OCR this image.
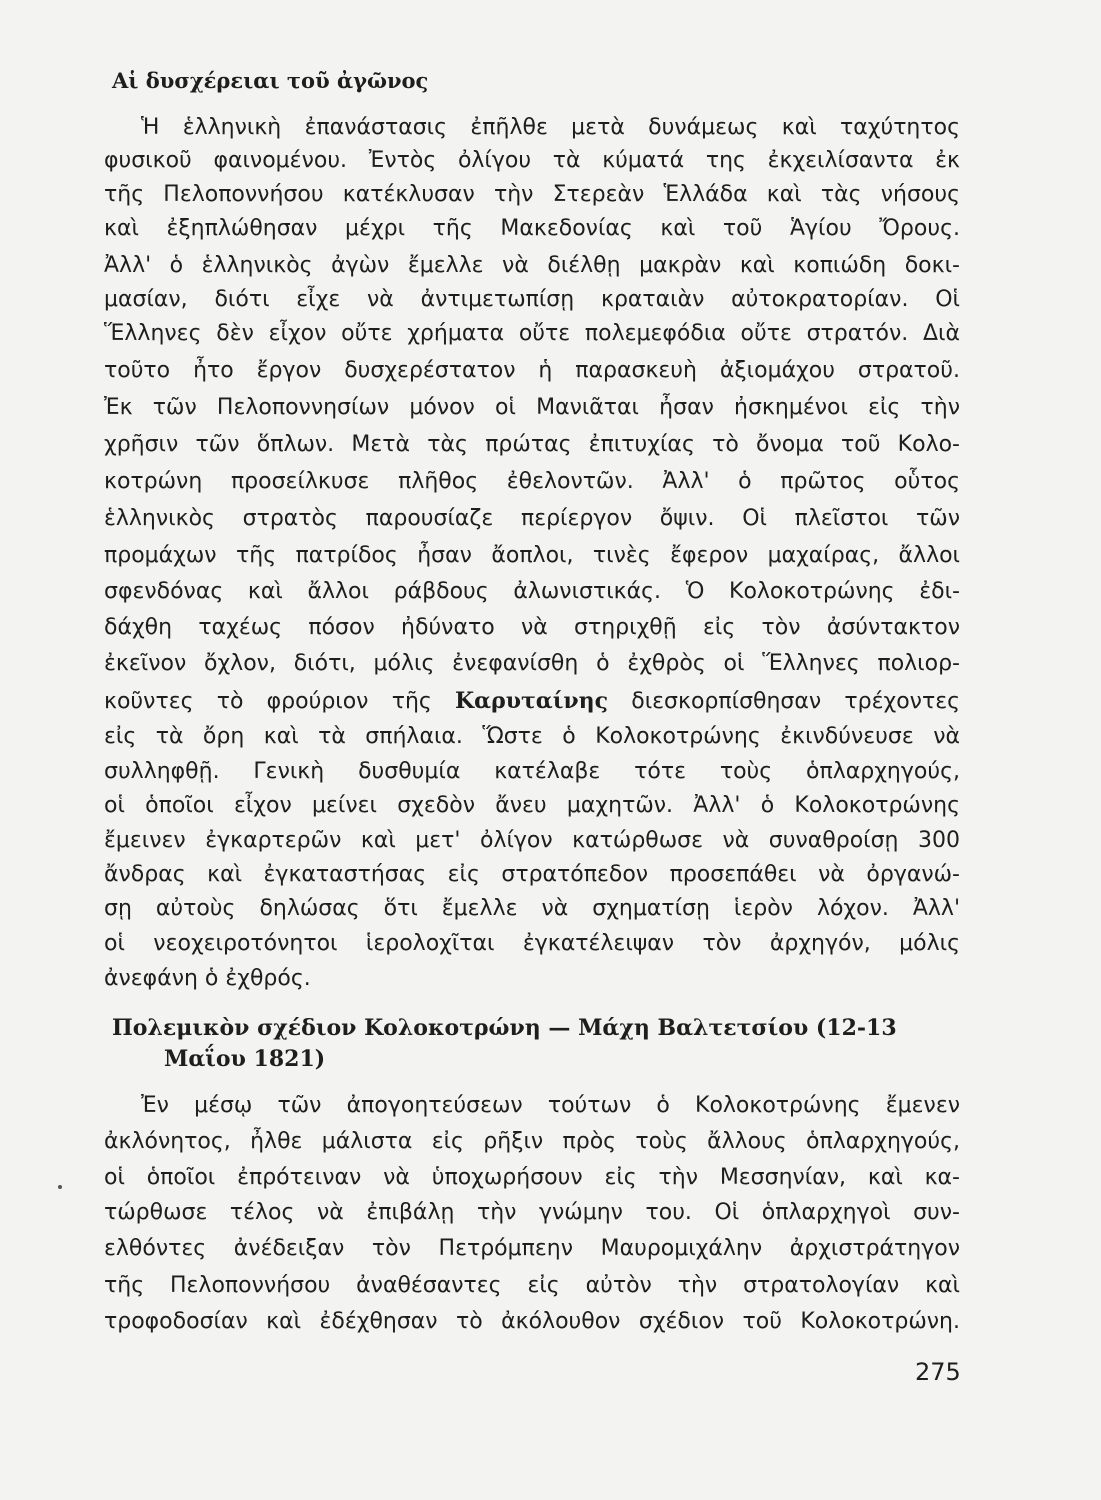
Αἱ δυσχέρειαι τοῦ ἀγῶνος

Ἡ ἑλληνικὴ ἐπανάστασις ἐπῆλθε μετὰ δυνάμεως καὶ ταχύτητος

φυσικοῦ φαινομένου. Ἐντὸς ὀλίγου τὰ κύματά της ἐκχειλίσαντα ἐκ

τῆς Πελοποννήσου κατέκλυσαν τὴν Στερεὰν Ἑλλάδα καὶ τὰς νήσους

καὶ ἐξηπλώθησαν μέχρι τῆς Μακεδονίας καὶ τοῦ Ἁγίου Ὄρους.

Ἀλλ' ὁ ἑλληνικὸς ἀγὼν ἔμελλε νὰ διέλθῃ μακρὰν καὶ κοπιώδη δοκι-

μασίαν, διότι εἶχε νὰ ἀντιμετωπίσῃ κραταιὰν αὐτοκρατορίαν. Οἱ

Ἕλληνες δὲν εἶχον οὔτε χρήματα οὔτε πολεμεφόδια οὔτε στρατόν. Διὰ

τοῦτο ἦτο ἔργον δυσχερέστατον ἡ παρασκευὴ ἀξιομάχου στρατοῦ.

Ἐκ τῶν Πελοποννησίων μόνον οἱ Μανιᾶται ἦσαν ἠσκημένοι εἰς τὴν

χρῆσιν τῶν ὅπλων. Μετὰ τὰς πρώτας ἐπιτυχίας τὸ ὄνομα τοῦ Κολο-

κοτρώνη προσείλκυσε πλῆθος ἐθελοντῶν. Ἀλλ' ὁ πρῶτος οὗτος

ἑλληνικὸς στρατὸς παρουσίαζε περίεργον ὄψιν. Οἱ πλεῖστοι τῶν

προμάχων τῆς πατρίδος ἦσαν ἄοπλοι, τινὲς ἔφερον μαχαίρας, ἄλλοι

σφενδόνας καὶ ἄλλοι ράβδους ἀλωνιστικάς. Ὁ Κολοκοτρώνης ἐδι-

δάχθη ταχέως πόσον ἠδύνατο νὰ στηριχθῇ εἰς τὸν ἀσύντακτον

ἐκεῖνον ὄχλον, διότι, μόλις ἐνεφανίσθη ὁ ἐχθρὸς οἱ Ἕλληνες πολιορ-

κοῦντες τὸ φρούριον τῆς Καρυταίνης διεσκορπίσθησαν τρέχοντες

εἰς τὰ ὄρη καὶ τὰ σπήλαια. Ὥστε ὁ Κολοκοτρώνης ἐκινδύνευσε νὰ

συλληφθῇ. Γενικὴ δυσθυμία κατέλαβε τότε τοὺς ὁπλαρχηγούς,

οἱ ὁποῖοι εἶχον μείνει σχεδὸν ἄνευ μαχητῶν. Ἀλλ' ὁ Κολοκοτρώνης

ἔμεινεν ἐγκαρτερῶν καὶ μετ' ὀλίγον κατώρθωσε νὰ συναθροίσῃ 300

ἄνδρας καὶ ἐγκαταστήσας εἰς στρατόπεδον προσεπάθει νὰ ὀργανώ-

σῃ αὐτοὺς δηλώσας ὅτι ἔμελλε νὰ σχηματίσῃ ἱερὸν λόχον. Ἀλλ'

οἱ νεοχειροτόνητοι ἱερολοχῖται ἐγκατέλειψαν τὸν ἀρχηγόν, μόλις

ἀνεφάνη ὁ ἐχθρός.

Πολεμικὸν σχέδιον Κολοκοτρώνη — Μάχη Βαλτετσίου (12-13
Μαΐου 1821)

Ἐν μέσῳ τῶν ἀπογοητεύσεων τούτων ὁ Κολοκοτρώνης ἔμενεν

ἀκλόνητος, ἦλθε μάλιστα εἰς ρῆξιν πρὸς τοὺς ἄλλους ὁπλαρχηγούς,

οἱ ὁποῖοι ἐπρότειναν νὰ ὑποχωρήσουν εἰς τὴν Μεσσηνίαν, καὶ κα-

τώρθωσε τέλος νὰ ἐπιβάλῃ τὴν γνώμην του. Οἱ ὁπλαρχηγοὶ συν-

ελθόντες ἀνέδειξαν τὸν Πετρόμπεην Μαυρομιχάλην ἀρχιστράτηγον

τῆς Πελοποννήσου ἀναθέσαντες εἰς αὐτὸν τὴν στρατολογίαν καὶ

τροφοδοσίαν καὶ ἐδέχθησαν τὸ ἀκόλουθον σχέδιον τοῦ Κολοκοτρώνη.

275
